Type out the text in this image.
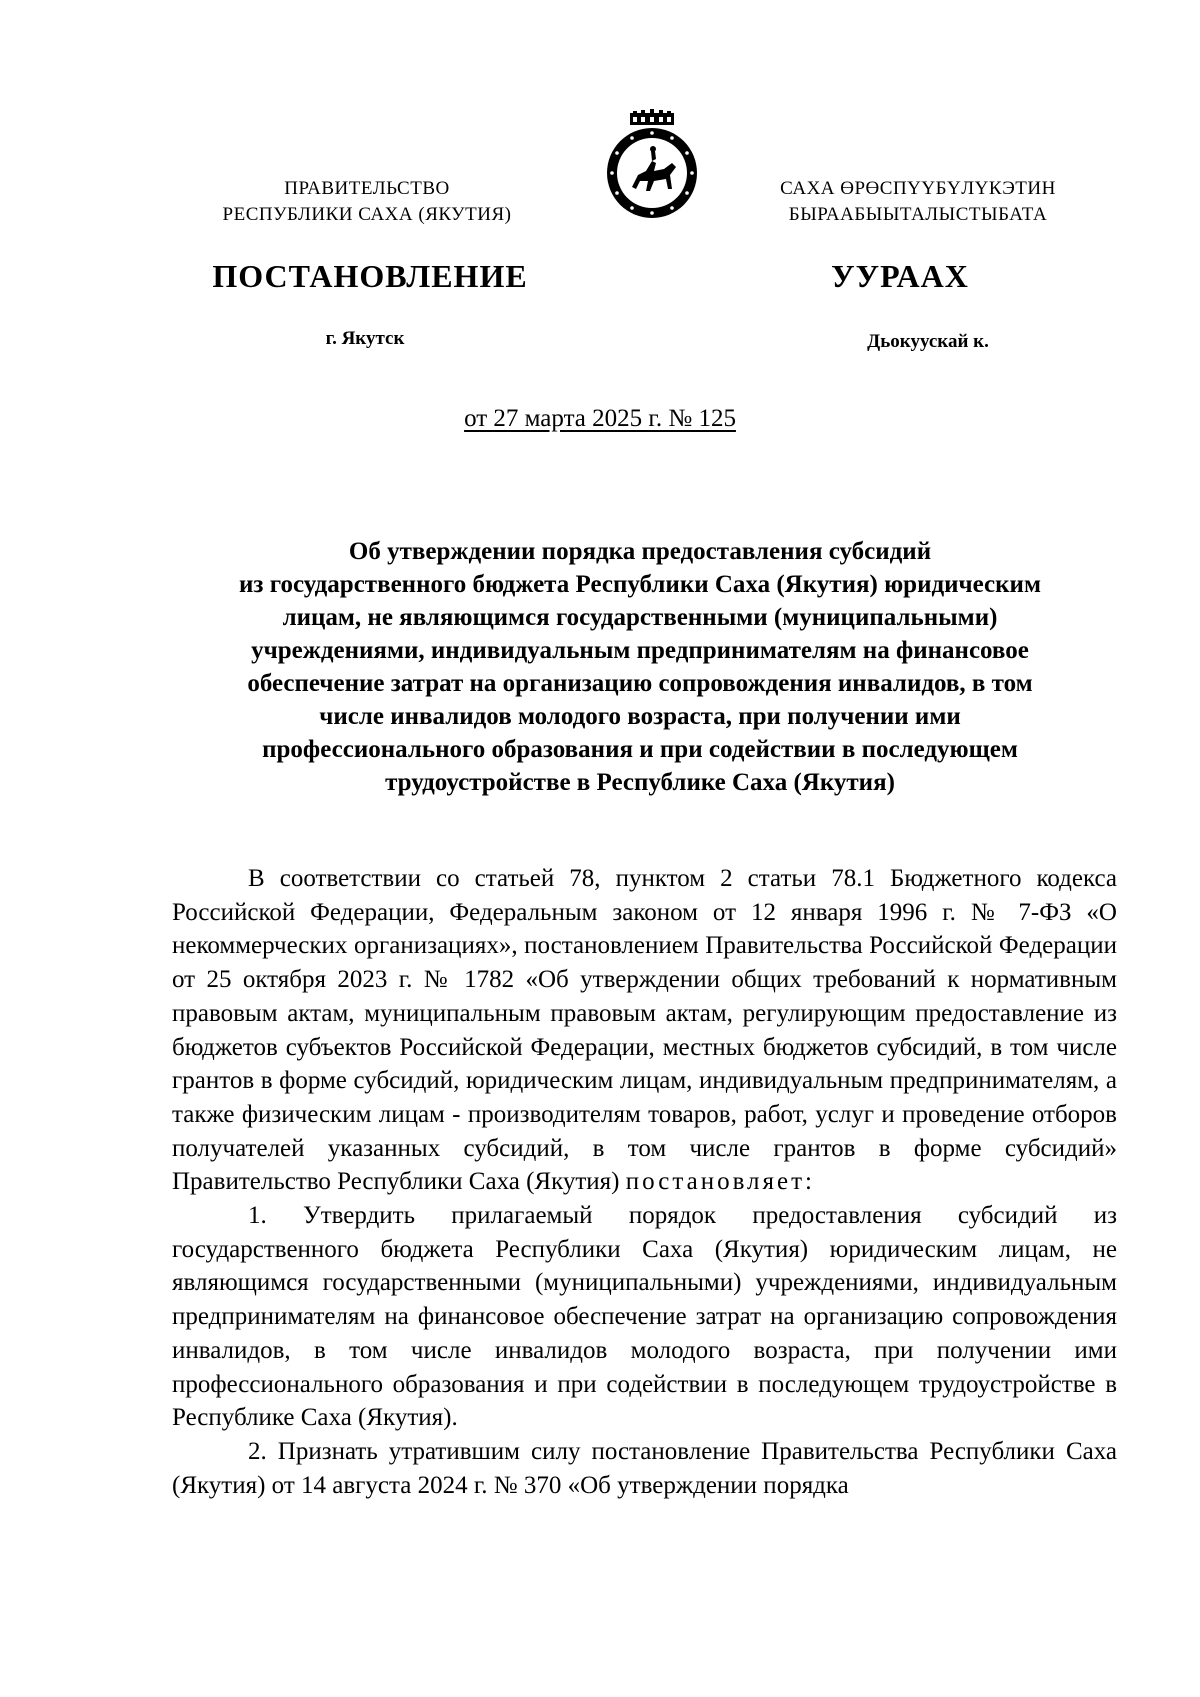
ПРАВИТЕЛЬСТВО
РЕСПУБЛИКИ САХА (ЯКУТИЯ)
САХА ӨРӨСПҮҮБҮЛҮКЭТИН
БЫРААБЫЫТАЛЫСТЫБАТА
ПОСТАНОВЛЕНИЕ	УУРААХ
г. Якутск	Дьокуускай к.
от 27 марта 2025 г. № 125
Об утверждении порядка предоставления субсидий
из государственного бюджета Республики Саха (Якутия) юридическим
лицам, не являющимся государственными (муниципальными)
учреждениями, индивидуальным предпринимателям на финансовое
обеспечение затрат на организацию сопровождения инвалидов, в том
числе инвалидов молодого возраста, при получении ими
профессионального образования и при содействии в последующем
трудоустройстве в Республике Саха (Якутия)

В соответствии со статьей 78, пунктом 2 статьи 78.1 Бюджетного кодекса Российской Федерации, Федеральным законом от 12 января 1996 г. № 7-ФЗ «О некоммерческих организациях», постановлением Правительства Российской Федерации от 25 октября 2023 г. № 1782 «Об утверждении общих требований к нормативным правовым актам, муниципальным правовым актам, регулирующим предоставление из бюджетов субъектов Российской Федерации, местных бюджетов субсидий, в том числе грантов в форме субсидий, юридическим лицам, индивидуальным предпринимателям, а также физическим лицам - производителям товаров, работ, услуг и проведение отборов получателей указанных субсидий, в том числе грантов в форме субсидий» Правительство Республики Саха (Якутия) постановляет:

1. Утвердить прилагаемый порядок предоставления субсидий из государственного бюджета Республики Саха (Якутия) юридическим лицам, не являющимся государственными (муниципальными) учреждениями, индивидуальным предпринимателям на финансовое обеспечение затрат на организацию сопровождения инвалидов, в том числе инвалидов молодого возраста, при получении ими профессионального образования и при содействии в последующем трудоустройстве в Республике Саха (Якутия).

2. Признать утратившим силу постановление Правительства Республики Саха (Якутия) от 14 августа 2024 г. № 370 «Об утверждении порядка
